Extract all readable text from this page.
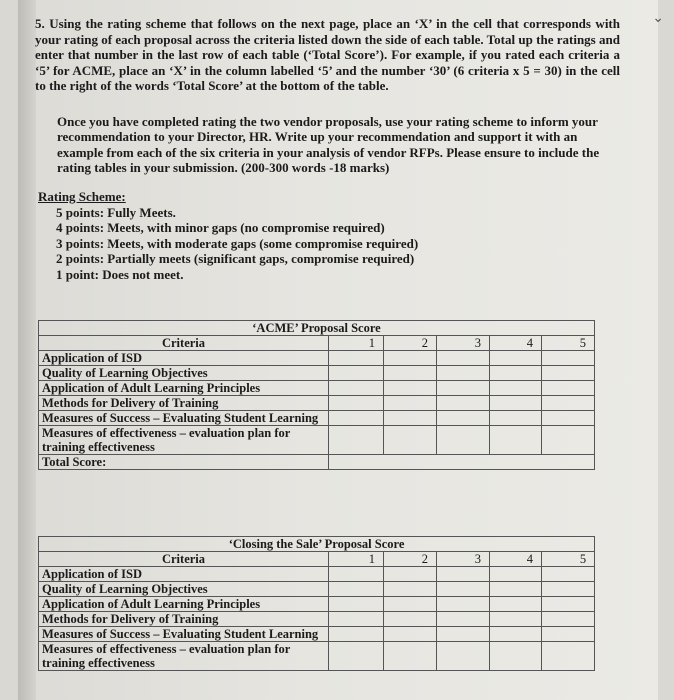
⌄

5. Using the rating scheme that follows on the next page, place an ‘X’ in the cell that corresponds with your rating of each proposal across the criteria listed down the side of each table. Total up the ratings and enter that number in the last row of each table (‘Total Score’). For example, if you rated each criteria a ‘5’ for ACME, place an ‘X’ in the column labelled ‘5’ and the number ‘30’ (6 criteria x 5 = 30) in the cell to the right of the words ‘Total Score’ at the bottom of the table.

Once you have completed rating the two vendor proposals, use your rating scheme to inform your recommendation to your Director, HR. Write up your recommendation and support it with an example from each of the six criteria in your analysis of vendor RFPs. Please ensure to include the rating tables in your submission. (200-300 words -18 marks)

Rating Scheme:
5 points: Fully Meets.
4 points: Meets, with minor gaps (no compromise required)
3 points: Meets, with moderate gaps (some compromise required)
2 points: Partially meets (significant gaps, compromise required)
1 point: Does not meet.
‘ACME’ Proposal Score					
Criteria	1	2	3	4	5
Application of ISD					
Quality of Learning Objectives					
Application of Adult Learning Principles					
Methods for Delivery of Training					
Measures of Success – Evaluating Student Learning					
Measures of effectiveness – evaluation plan for training effectiveness					
Total Score:					
‘Closing the Sale’ Proposal Score					
Criteria	1	2	3	4	5
Application of ISD					
Quality of Learning Objectives					
Application of Adult Learning Principles					
Methods for Delivery of Training					
Measures of Success – Evaluating Student Learning					
Measures of effectiveness – evaluation plan for training effectiveness					
